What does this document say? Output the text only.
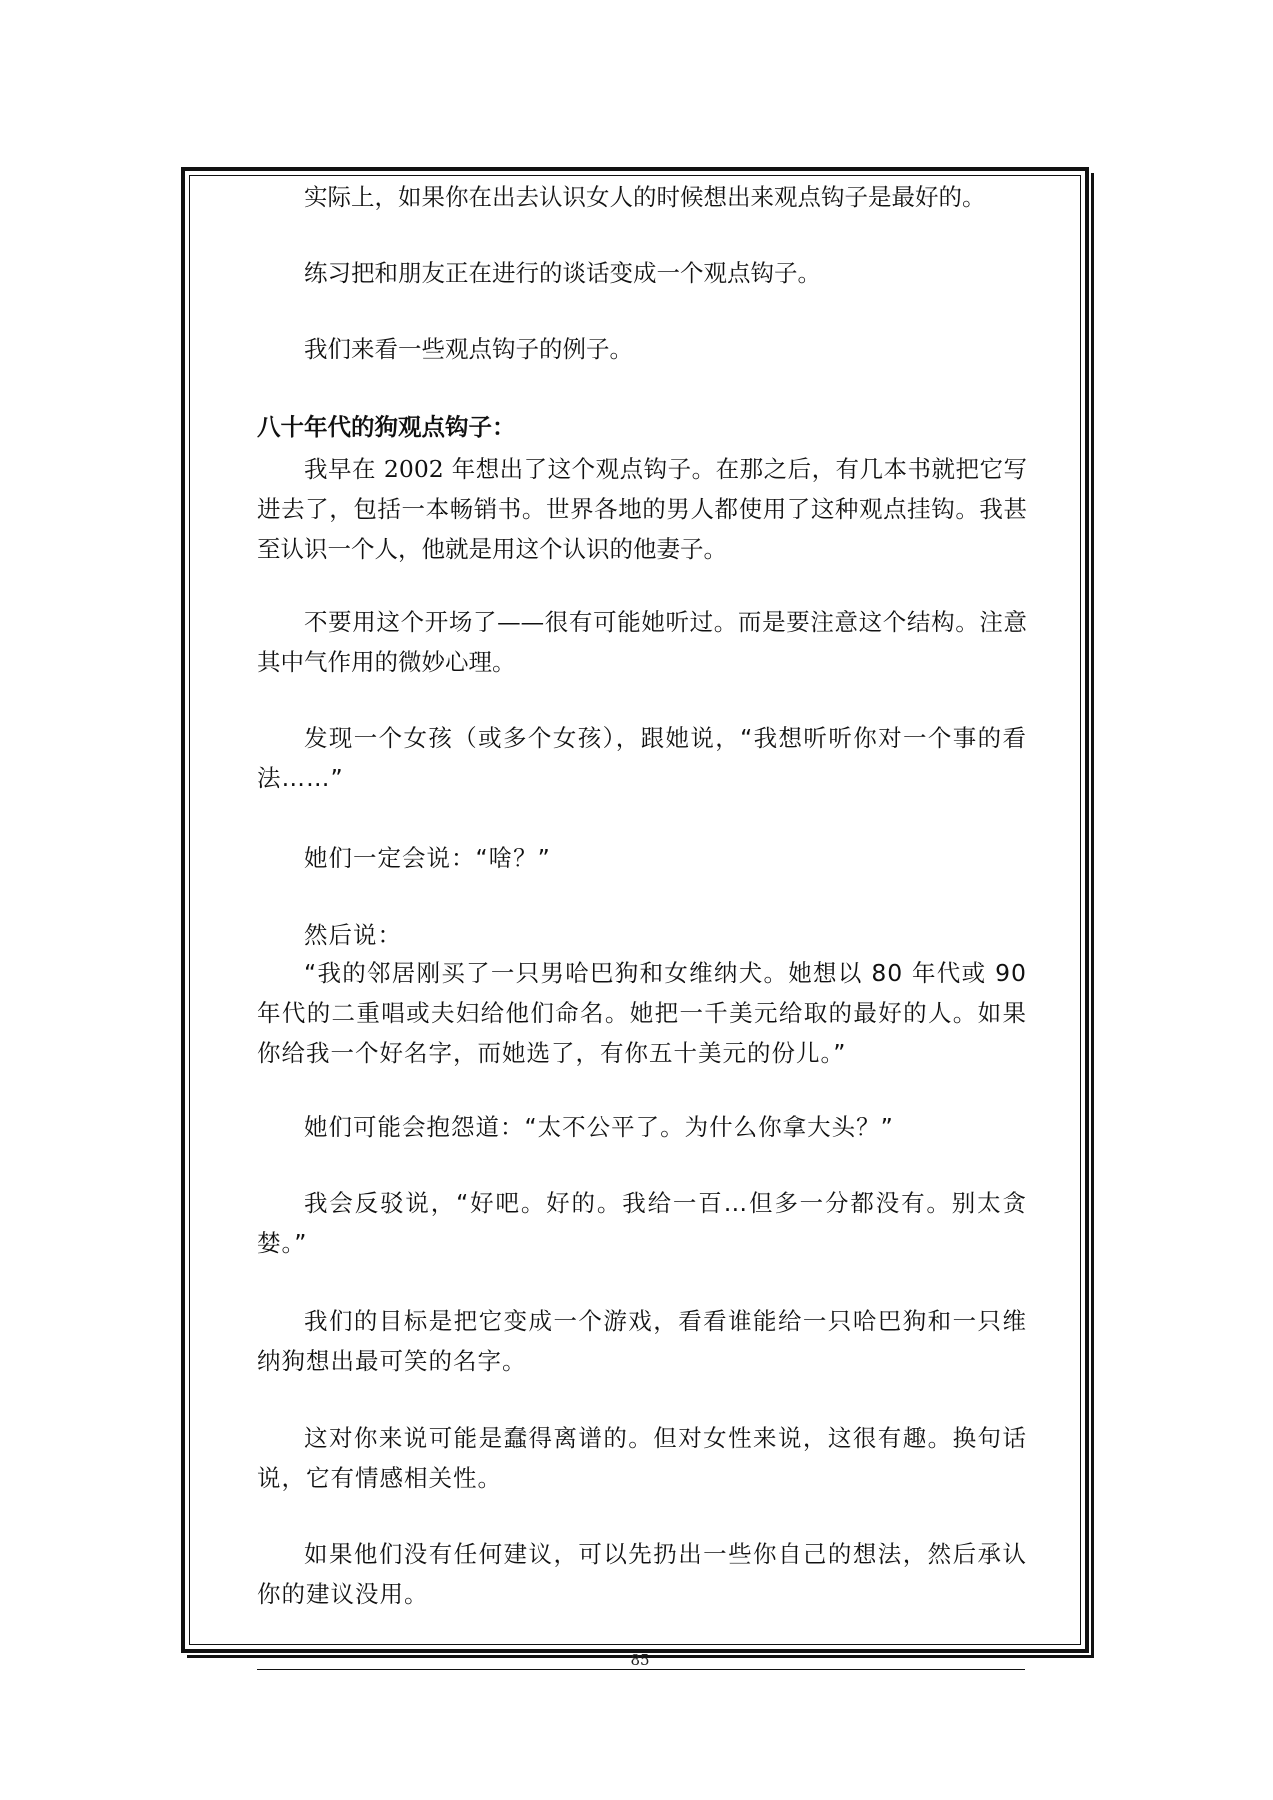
实际上，如果你在出去认识女人的时候想出来观点钩子是最好的。

练习把和朋友正在进行的谈话变成一个观点钩子。

我们来看一些观点钩子的例子。

八十年代的狗观点钩子：

我早在 2002 年想出了这个观点钩子。在那之后，有几本书就把它写进去了，包括一本畅销书。世界各地的男人都使用了这种观点挂钩。我甚至认识一个人，他就是用这个认识的他妻子。

不要用这个开场了——很有可能她听过。而是要注意这个结构。注意其中气作用的微妙心理。

发现一个女孩（或多个女孩），跟她说，“我想听听你对一个事的看法……”

她们一定会说：“啥？”

然后说：

“我的邻居刚买了一只男哈巴狗和女维纳犬。她想以 80 年代或 90 年代的二重唱或夫妇给他们命名。她把一千美元给取的最好的人。如果你给我一个好名字，而她选了，有你五十美元的份儿。”

她们可能会抱怨道：“太不公平了。为什么你拿大头？”

我会反驳说，“好吧。好的。我给一百…但多一分都没有。别太贪婪。”

我们的目标是把它变成一个游戏，看看谁能给一只哈巴狗和一只维纳狗想出最可笑的名字。

这对你来说可能是蠢得离谱的。但对女性来说，这很有趣。换句话说，它有情感相关性。

如果他们没有任何建议，可以先扔出一些你自己的想法，然后承认你的建议没用。

85
